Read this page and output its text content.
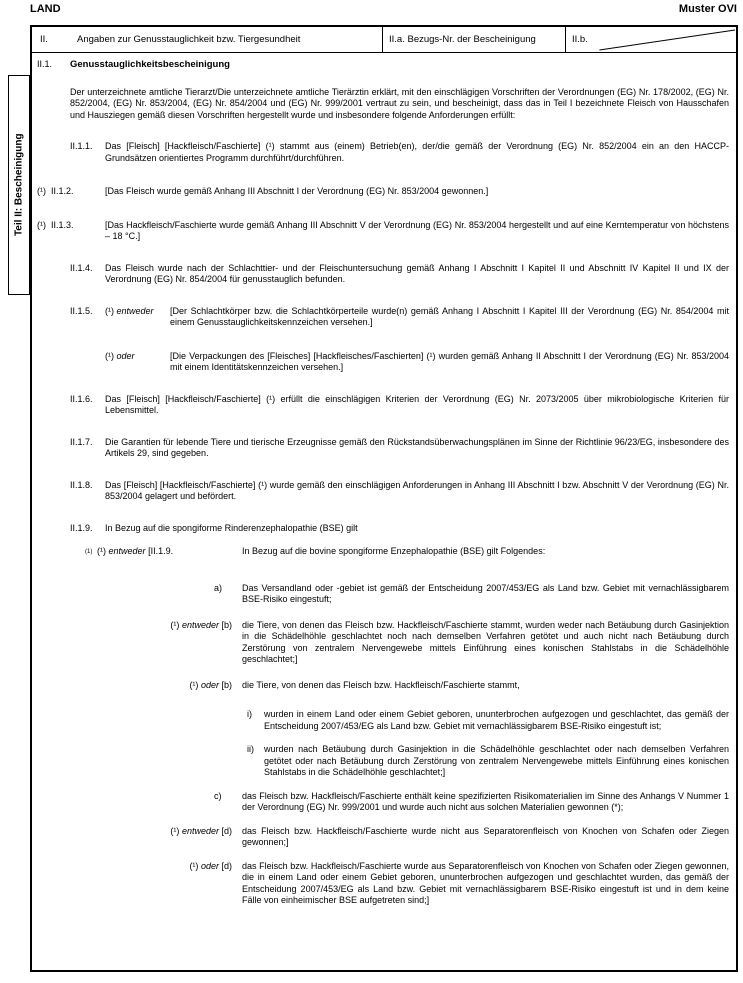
LAND	Muster OVI
Teil II: Bescheinigung
II.	Angaben zur Genusstauglichkeit bzw. Tiergesundheit	II.a. Bezugs-Nr. der Bescheinigung	II.b.
II.1.	Genusstauglichkeitsbescheinigung
Der unterzeichnete amtliche Tierarzt/Die unterzeichnete amtliche Tierärztin erklärt, mit den einschlägigen Vorschriften der Verordnungen (EG) Nr. 178/2002, (EG) Nr. 852/2004, (EG) Nr. 853/2004, (EG) Nr. 854/2004 und (EG) Nr. 999/2001 vertraut zu sein, und bescheinigt, dass das in Teil I bezeichnete Fleisch von Hausschafen und Hausziegen gemäß diesen Vorschriften hergestellt wurde und insbesondere folgende Anforderungen erfüllt:
II.1.1.	Das [Fleisch] [Hackfleisch/Faschierte] (¹) stammt aus (einem) Betrieb(en), der/die gemäß der Verordnung (EG) Nr. 852/2004 ein an den HACCP-Grundsätzen orientiertes Programm durchführt/durchführen.
(¹) II.1.2.	[Das Fleisch wurde gemäß Anhang III Abschnitt I der Verordnung (EG) Nr. 853/2004 gewonnen.]
(¹) II.1.3.	[Das Hackfleisch/Faschierte wurde gemäß Anhang III Abschnitt V der Verordnung (EG) Nr. 853/2004 hergestellt und auf eine Kerntemperatur von höchstens – 18 °C.]
II.1.4.	Das Fleisch wurde nach der Schlachttier- und der Fleischuntersuchung gemäß Anhang I Abschnitt I Kapitel II und Abschnitt IV Kapitel II und IX der Verordnung (EG) Nr. 854/2004 für genusstauglich befunden.
II.1.5.	(¹) entweder	[Der Schlachtkörper bzw. die Schlachtkörperteile wurde(n) gemäß Anhang I Abschnitt I Kapitel III der Verordnung (EG) Nr. 854/2004 mit einem Genusstauglichkeitskennzeichen versehen.]
(¹) oder	[Die Verpackungen des [Fleisches] [Hackfleisches/Faschierten] (¹) wurden gemäß Anhang II Abschnitt I der Verordnung (EG) Nr. 853/2004 mit einem Identitätskennzeichen versehen.]
II.1.6.	Das [Fleisch] [Hackfleisch/Faschierte] (¹) erfüllt die einschlägigen Kriterien der Verordnung (EG) Nr. 2073/2005 über mikrobiologische Kriterien für Lebensmittel.
II.1.7.	Die Garantien für lebende Tiere und tierische Erzeugnisse gemäß den Rückstandsüberwachungsplänen im Sinne der Richtlinie 96/23/EG, insbesondere des Artikels 29, sind gegeben.
II.1.8.	Das [Fleisch] [Hackfleisch/Faschierte] (¹) wurde gemäß den einschlägigen Anforderungen in Anhang III Abschnitt I bzw. Abschnitt V der Verordnung (EG) Nr. 853/2004 gelagert und befördert.
II.1.9.	In Bezug auf die spongiforme Rinderenzephalopathie (BSE) gilt
(1) (¹) entweder [II.1.9.	In Bezug auf die bovine spongiforme Enzephalopathie (BSE) gilt Folgendes:
a)	Das Versandland oder -gebiet ist gemäß der Entscheidung 2007/453/EG als Land bzw. Gebiet mit vernachlässigbarem BSE-Risiko eingestuft;
(¹) entweder [b) die Tiere, von denen das Fleisch bzw. Hackfleisch/Faschierte stammt, wurden weder nach Betäubung durch Gasinjektion in die Schädelhöhle geschlachtet noch nach demselben Verfahren getötet und auch nicht nach Betäubung durch Zerstörung von zentralem Nervengewebe mittels Einführung eines konischen Stahlstabs in die Schädelhöhle geschlachtet;]
(¹) oder [b) die Tiere, von denen das Fleisch bzw. Hackfleisch/Faschierte stammt,
i)	wurden in einem Land oder einem Gebiet geboren, ununterbrochen aufgezogen und geschlachtet, das gemäß der Entscheidung 2007/453/EG als Land bzw. Gebiet mit vernachlässigbarem BSE-Risiko eingestuft ist;
ii)	wurden nach Betäubung durch Gasinjektion in die Schädelhöhle geschlachtet oder nach demselben Verfahren getötet oder nach Betäubung durch Zerstörung von zentralem Nervengewebe mittels Einführung eines konischen Stahlstabs in die Schädelhöhle geschlachtet;]
c)	das Fleisch bzw. Hackfleisch/Faschierte enthält keine spezifizierten Risikomaterialien im Sinne des Anhangs V Nummer 1 der Verordnung (EG) Nr. 999/2001 und wurde auch nicht aus solchen Materialien gewonnen (*);
(¹) entweder [d) das Fleisch bzw. Hackfleisch/Faschierte wurde nicht aus Separatorenfleisch von Knochen von Schafen oder Ziegen gewonnen;]
(¹) oder [d) das Fleisch bzw. Hackfleisch/Faschierte wurde aus Separatorenfleisch von Knochen von Schafen oder Ziegen gewonnen, die in einem Land oder einem Gebiet geboren, ununterbrochen aufgezogen und geschlachtet wurden, das gemäß der Entscheidung 2007/453/EG als Land bzw. Gebiet mit vernachlässigbarem BSE-Risiko eingestuft ist und in dem keine Fälle von einheimischer BSE aufgetreten sind;]
